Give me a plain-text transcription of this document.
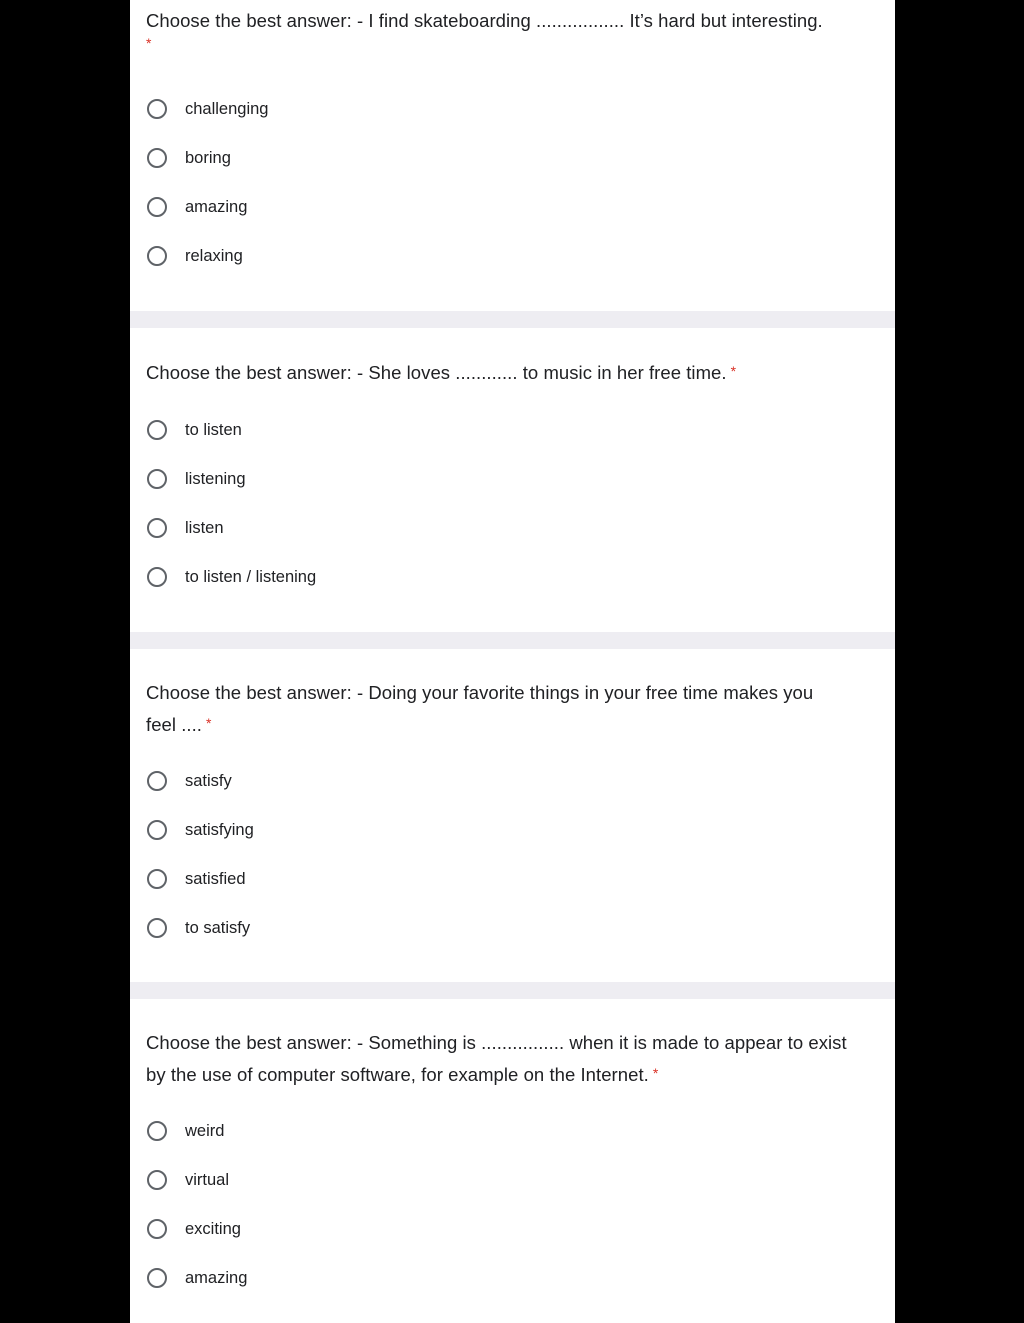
Choose the best answer: - I find skateboarding ................. It’s hard but interesting.
*
challenging
boring
amazing
relaxing
Choose the best answer: - She loves ............ to music in her free time. *
to listen
listening
listen
to listen / listening
Choose the best answer: - Doing your favorite things in your free time makes you feel .... *
satisfy
satisfying
satisfied
to satisfy
Choose the best answer: - Something is ................ when it is made to appear to exist by the use of computer software, for example on the Internet. *
weird
virtual
exciting
amazing
